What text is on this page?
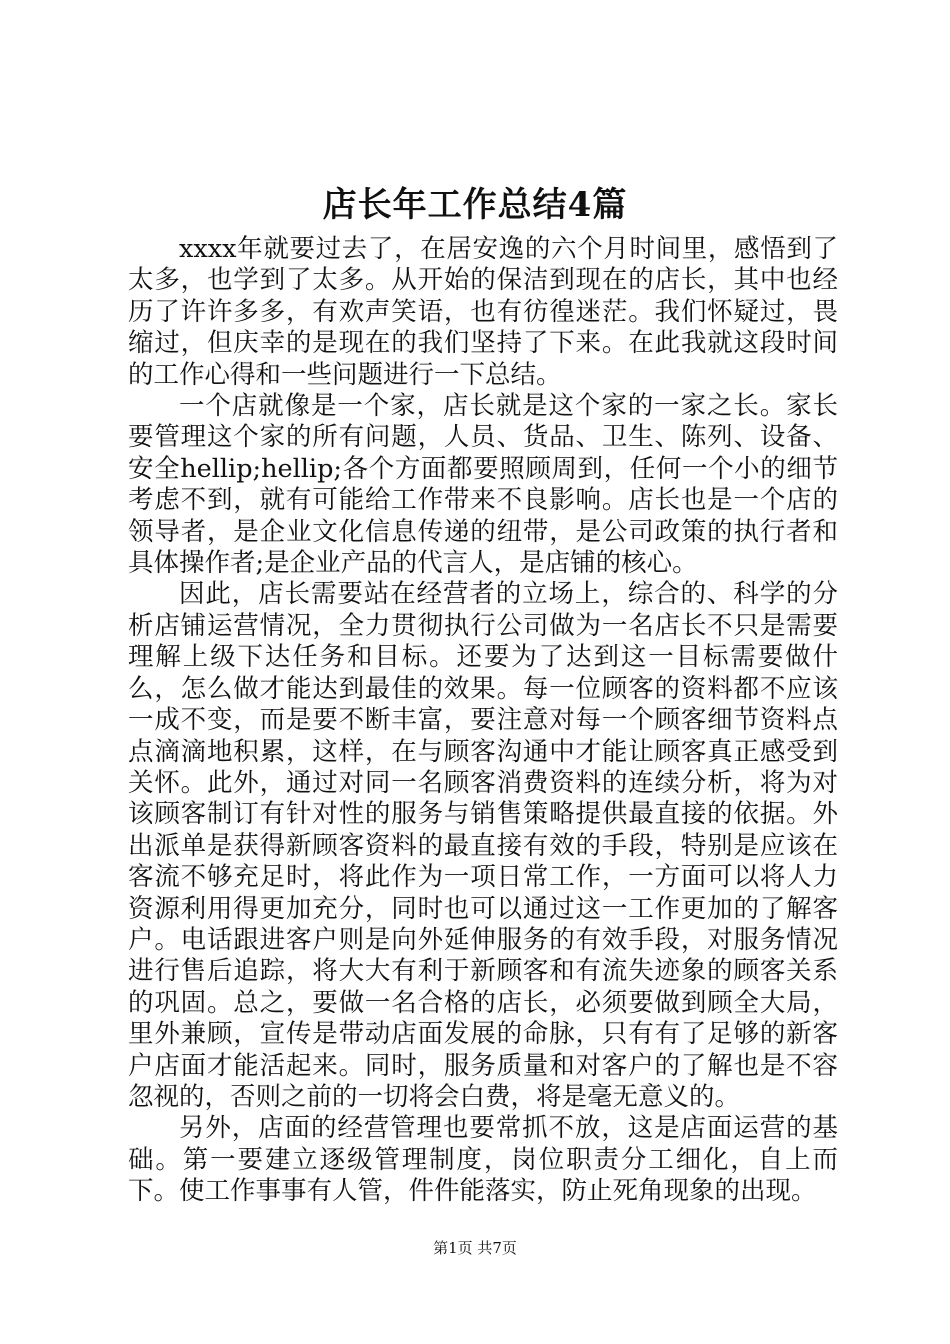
店长年工作总结4篇

xxxx年就要过去了，在居安逸的六个月时间里，感悟到了太多，也学到了太多。从开始的保洁到现在的店长，其中也经历了许许多多，有欢声笑语，也有彷徨迷茫。我们怀疑过，畏缩过，但庆幸的是现在的我们坚持了下来。在此我就这段时间的工作心得和一些问题进行一下总结。

一个店就像是一个家，店长就是这个家的一家之长。家长要管理这个家的所有问题，人员、货品、卫生、陈列、设备、安全hellip;hellip;各个方面都要照顾周到，任何一个小的细节考虑不到，就有可能给工作带来不良影响。店长也是一个店的领导者，是企业文化信息传递的纽带，是公司政策的执行者和具体操作者;是企业产品的代言人，是店铺的核心。

因此，店长需要站在经营者的立场上，综合的、科学的分析店铺运营情况，全力贯彻执行公司做为一名店长不只是需要理解上级下达任务和目标。还要为了达到这一目标需要做什么，怎么做才能达到最佳的效果。每一位顾客的资料都不应该一成不变，而是要不断丰富，要注意对每一个顾客细节资料点点滴滴地积累，这样，在与顾客沟通中才能让顾客真正感受到关怀。此外，通过对同一名顾客消费资料的连续分析，将为对该顾客制订有针对性的服务与销售策略提供最直接的依据。外出派单是获得新顾客资料的最直接有效的手段，特别是应该在客流不够充足时，将此作为一项日常工作，一方面可以将人力资源利用得更加充分，同时也可以通过这一工作更加的了解客户。电话跟进客户则是向外延伸服务的有效手段，对服务情况进行售后追踪，将大大有利于新顾客和有流失迹象的顾客关系的巩固。总之，要做一名合格的店长，必须要做到顾全大局，里外兼顾，宣传是带动店面发展的命脉，只有有了足够的新客户店面才能活起来。同时，服务质量和对客户的了解也是不容忽视的，否则之前的一切将会白费，将是毫无意义的。

另外，店面的经营管理也要常抓不放，这是店面运营的基础。第一要建立逐级管理制度，岗位职责分工细化，自上而下。使工作事事有人管，件件能落实，防止死角现象的出现。

第1页 共7页
